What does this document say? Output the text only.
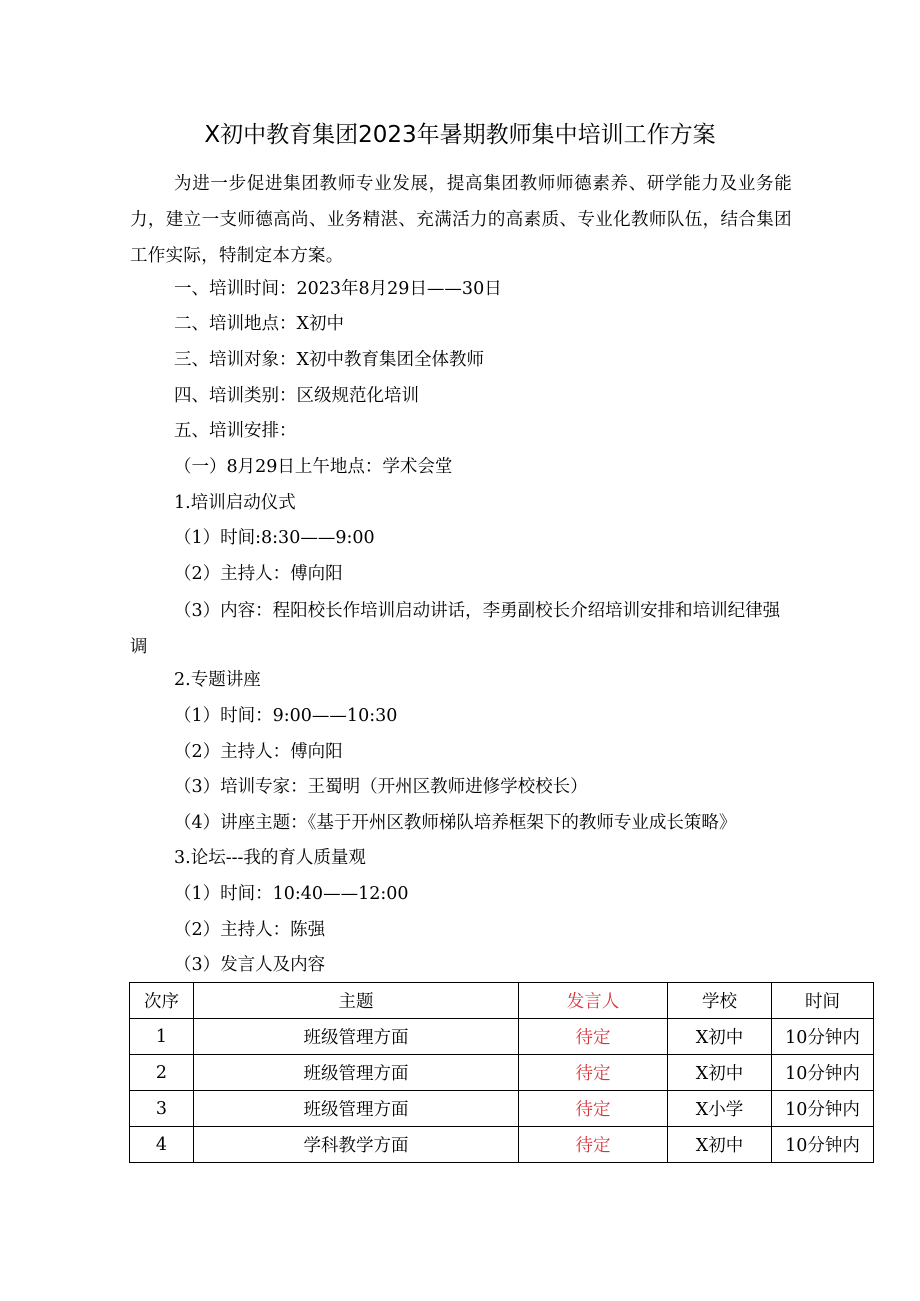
X初中教育集团2023年暑期教师集中培训工作方案
为进一步促进集团教师专业发展，提高集团教师师德素养、研学能力及业务能力，建立一支师德高尚、业务精湛、充满活力的高素质、专业化教师队伍，结合集团工作实际，特制定本方案。
一、培训时间：2023年8月29日——30日
二、培训地点：X初中
三、培训对象：X初中教育集团全体教师
四、培训类别：区级规范化培训
五、培训安排：
（一）8月29日上午地点：学术会堂
1.培训启动仪式
（1）时间:8:30——9:00
（2）主持人：傅向阳
（3）内容：程阳校长作培训启动讲话，李勇副校长介绍培训安排和培训纪律强调
2.专题讲座
（1）时间：9:00——10:30
（2）主持人：傅向阳
（3）培训专家：王蜀明（开州区教师进修学校校长）
（4）讲座主题：《基于开州区教师梯队培养框架下的教师专业成长策略》
3.论坛---我的育人质量观
（1）时间：10:40——12:00
（2）主持人：陈强
（3）发言人及内容
次序	主题	发言人	学校	时间
1	班级管理方面	待定	X初中	10分钟内
2	班级管理方面	待定	X初中	10分钟内
3	班级管理方面	待定	X小学	10分钟内
4	学科教学方面	待定	X初中	10分钟内
